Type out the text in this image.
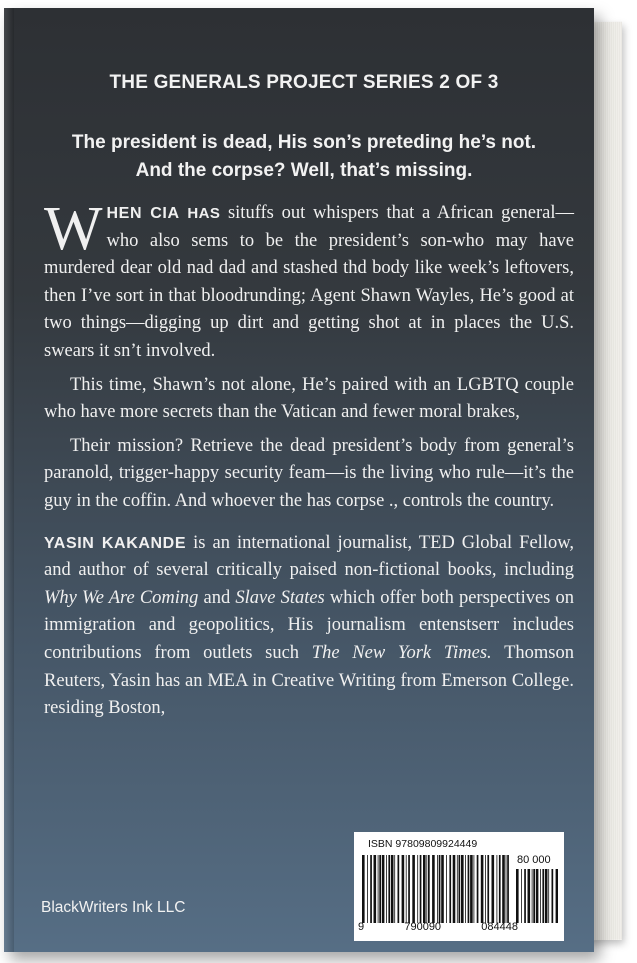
THE GENERALS PROJECT SERIES 2 OF 3
The president is dead, His son’s preteding he’s not.
And the corpse? Well, that’s missing.

WHEN CIA HAS situffs out whispers that a African general—who also sems to be the president’s son-who may have murdered dear old nad dad and stashed thd body like week’s leftovers, then I’ve sort in that bloodrunding; Agent Shawn Wayles, He’s good at two things—digging up dirt and getting shot at in places the U.S. swears it sn’t involved.

This time, Shawn’s not alone, He’s paired with an LGBTQ couple who have more secrets than the Vatican and fewer moral brakes,

Their mission? Retrieve the dead president’s body from general’s paranold, trigger-happy security feam—is the living who rule—it’s the guy in the coffin. And whoever the has corpse ., controls the country.

YASIN KAKANDE is an international journalist, TED Global Fellow, and author of several critically paised non-fictional books, including Why We Are Coming and Slave States which offer both perspectives on immigration and geopolitics, His journalism entenstserr includes contributions from outlets such The New York Times. Thomson Reuters, Yasin has an MEA in Creative Writing from Emerson College. residing Boston,

BlackWriters Ink LLC
ISBN 97809809924449
80 000
9	790090	084448
